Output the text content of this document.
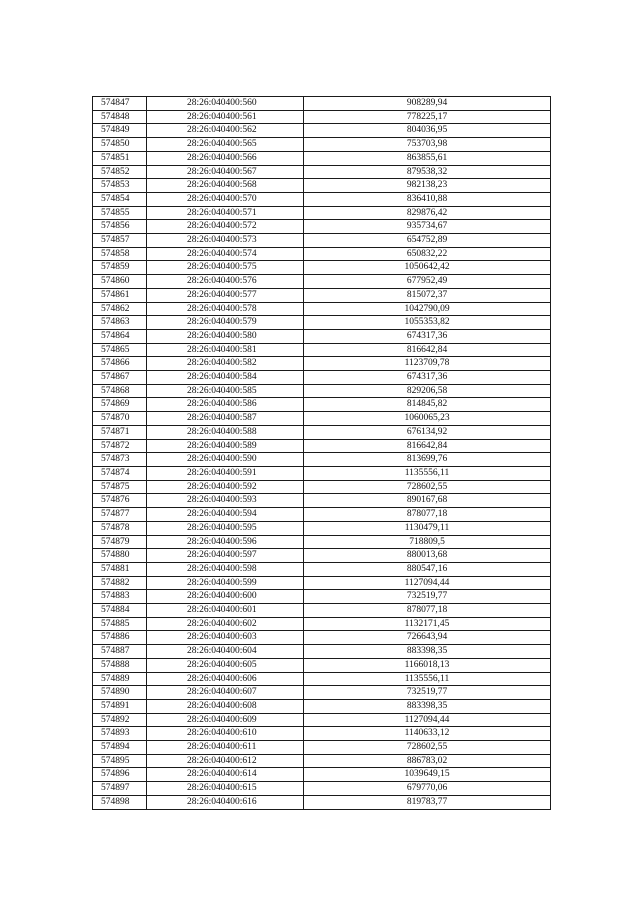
574847	28:26:040400:560	908289,94
574848	28:26:040400:561	778225,17
574849	28:26:040400:562	804036,95
574850	28:26:040400:565	753703,98
574851	28:26:040400:566	863855,61
574852	28:26:040400:567	879538,32
574853	28:26:040400:568	982138,23
574854	28:26:040400:570	836410,88
574855	28:26:040400:571	829876,42
574856	28:26:040400:572	935734,67
574857	28:26:040400:573	654752,89
574858	28:26:040400:574	650832,22
574859	28:26:040400:575	1050642,42
574860	28:26:040400:576	677952,49
574861	28:26:040400:577	815072,37
574862	28:26:040400:578	1042790,09
574863	28:26:040400:579	1055353,82
574864	28:26:040400:580	674317,36
574865	28:26:040400:581	816642,84
574866	28:26:040400:582	1123709,78
574867	28:26:040400:584	674317,36
574868	28:26:040400:585	829206,58
574869	28:26:040400:586	814845,82
574870	28:26:040400:587	1060065,23
574871	28:26:040400:588	676134,92
574872	28:26:040400:589	816642,84
574873	28:26:040400:590	813699,76
574874	28:26:040400:591	1135556,11
574875	28:26:040400:592	728602,55
574876	28:26:040400:593	890167,68
574877	28:26:040400:594	878077,18
574878	28:26:040400:595	1130479,11
574879	28:26:040400:596	718809,5
574880	28:26:040400:597	880013,68
574881	28:26:040400:598	880547,16
574882	28:26:040400:599	1127094,44
574883	28:26:040400:600	732519,77
574884	28:26:040400:601	878077,18
574885	28:26:040400:602	1132171,45
574886	28:26:040400:603	726643,94
574887	28:26:040400:604	883398,35
574888	28:26:040400:605	1166018,13
574889	28:26:040400:606	1135556,11
574890	28:26:040400:607	732519,77
574891	28:26:040400:608	883398,35
574892	28:26:040400:609	1127094,44
574893	28:26:040400:610	1140633,12
574894	28:26:040400:611	728602,55
574895	28:26:040400:612	886783,02
574896	28:26:040400:614	1039649,15
574897	28:26:040400:615	679770,06
574898	28:26:040400:616	819783,77
